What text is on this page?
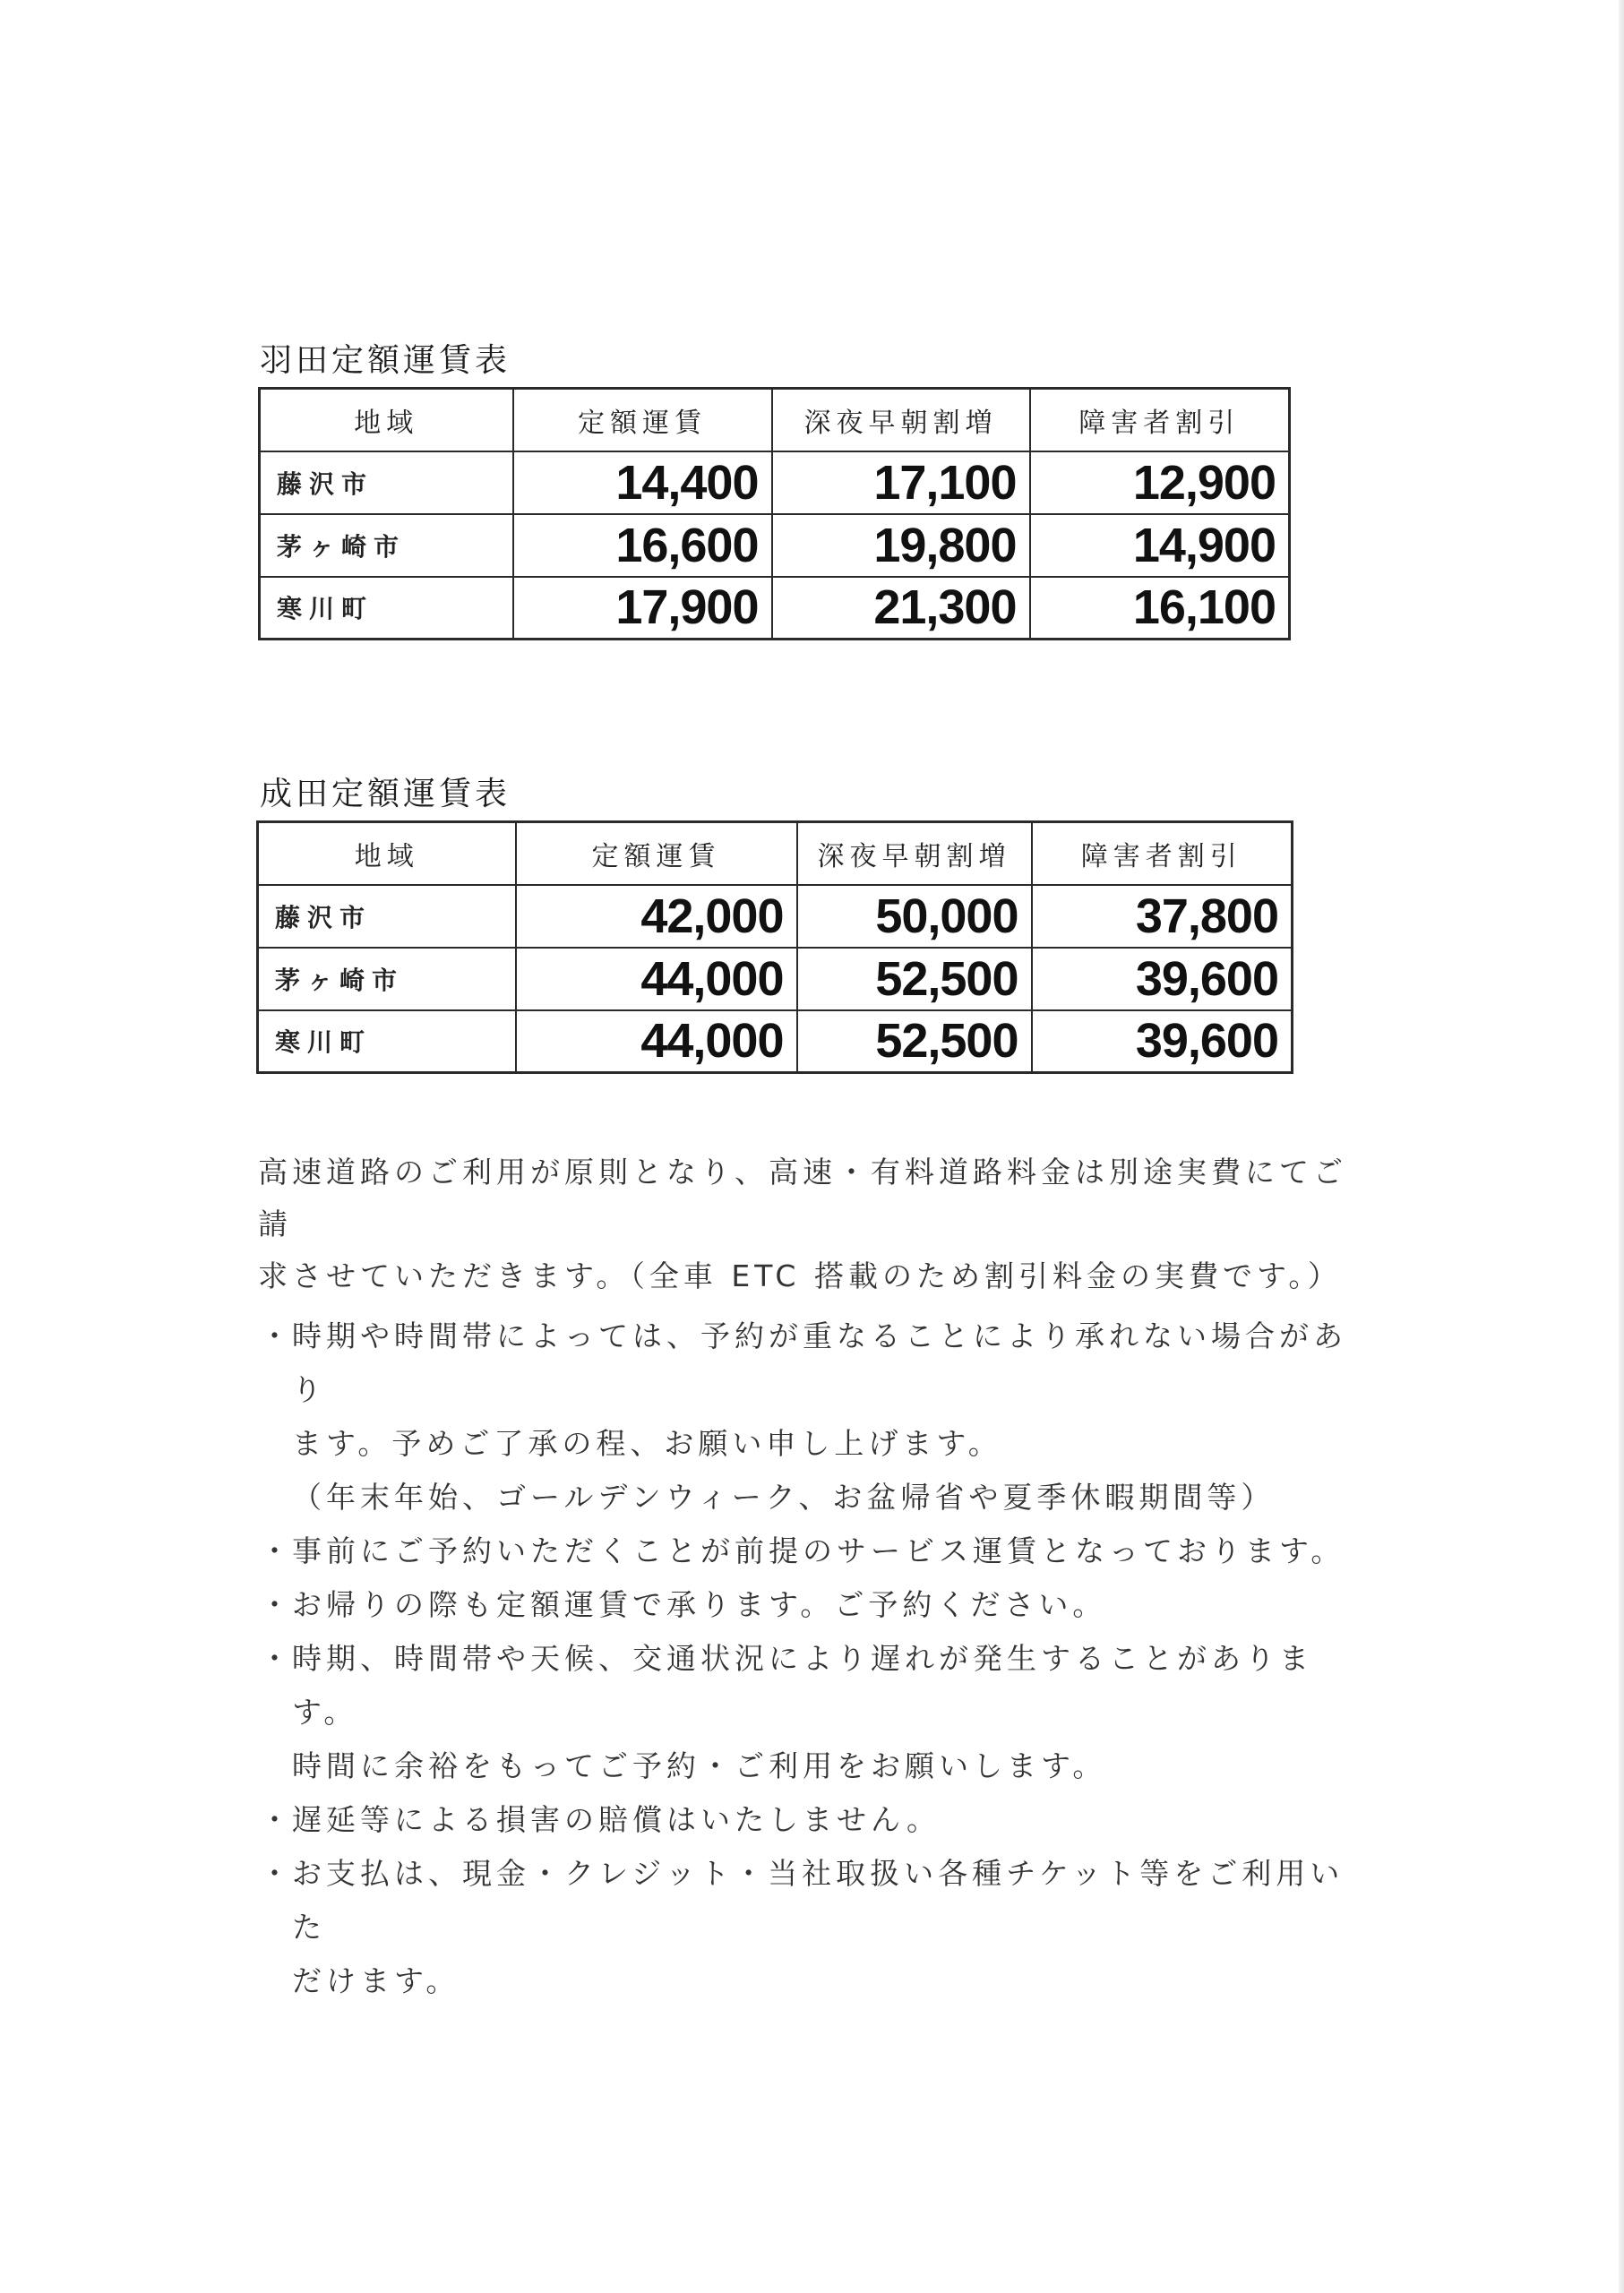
羽田定額運賃表
地域	定額運賃	深夜早朝割増	障害者割引
藤沢市	14,400	17,100	12,900
茅ヶ崎市	16,600	19,800	14,900
寒川町	17,900	21,300	16,100
成田定額運賃表
地域	定額運賃	深夜早朝割増	障害者割引
藤沢市	42,000	50,000	37,800
茅ヶ崎市	44,000	52,500	39,600
寒川町	44,000	52,500	39,600

高速道路のご利用が原則となり、高速・有料道路料金は別途実費にてご請

求させていただきます。（全車 ETC 搭載のため割引料金の実費です。）

・
時期や時間帯によっては、予約が重なることにより承れない場合があり
ます。予めご了承の程、お願い申し上げます。
（年末年始、ゴールデンウィーク、お盆帰省や夏季休暇期間等）
・
事前にご予約いただくことが前提のサービス運賃となっております。
・
お帰りの際も定額運賃で承ります。ご予約ください。
・
時期、時間帯や天候、交通状況により遅れが発生することがあります。
時間に余裕をもってご予約・ご利用をお願いします。
・
遅延等による損害の賠償はいたしません。
・
お支払は、現金・クレジット・当社取扱い各種チケット等をご利用いた
だけます。
